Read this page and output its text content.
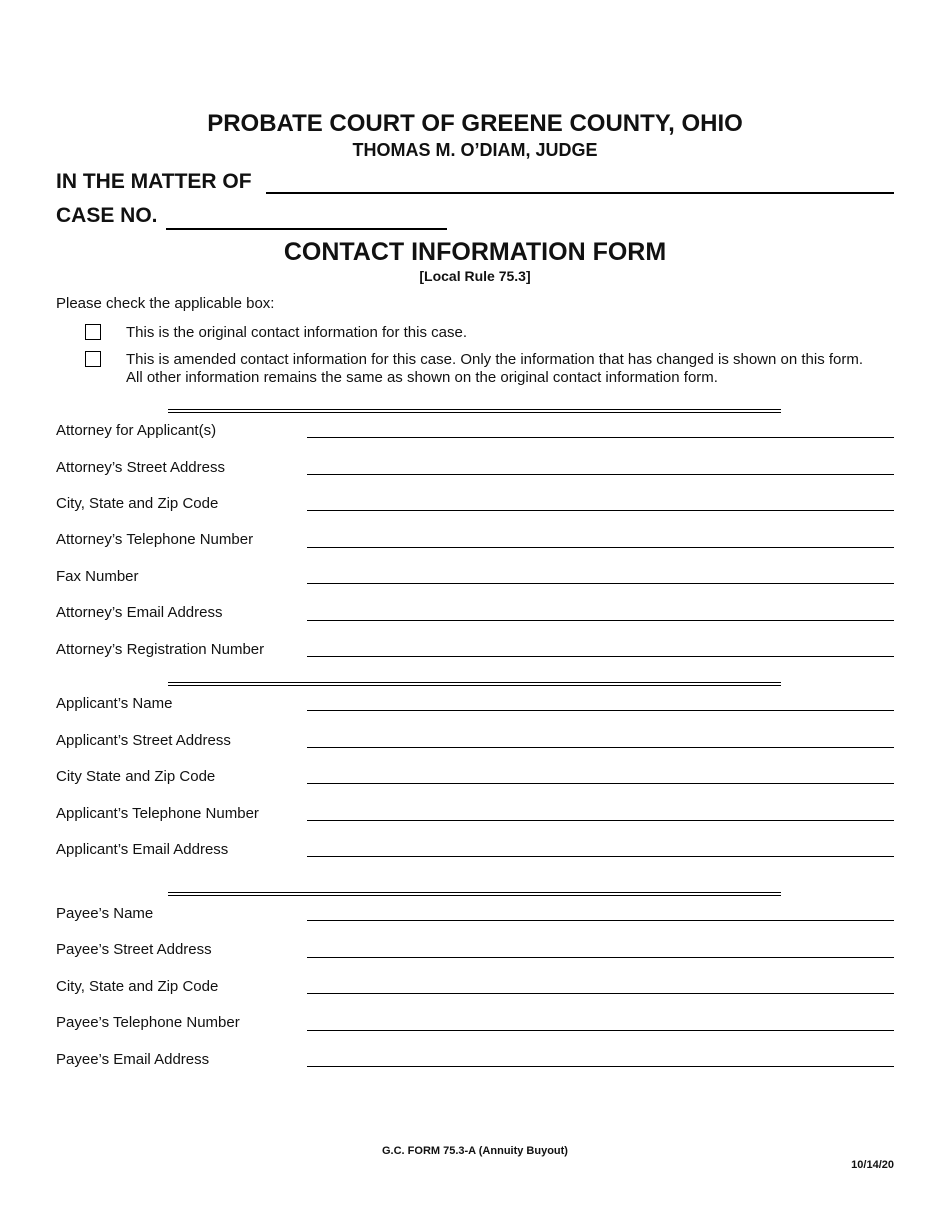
PROBATE COURT OF GREENE COUNTY, OHIO
THOMAS M. O’DIAM, JUDGE
IN THE MATTER OF
CASE NO.
CONTACT INFORMATION FORM
[Local Rule 75.3]
Please check the applicable box:
This is the original contact information for this case.
This is amended contact information for this case. Only the information that has changed is shown on this form.
All other information remains the same as shown on the original contact information form.
Attorney for Applicant(s)
Attorney’s Street Address
City, State and Zip Code
Attorney’s Telephone Number
Fax Number
Attorney’s Email Address
Attorney’s Registration Number
Applicant’s Name
Applicant’s Street Address
City State and Zip Code
Applicant’s Telephone Number
Applicant’s Email Address
Payee’s Name
Payee’s Street Address
City, State and Zip Code
Payee’s Telephone Number
Payee’s Email Address
G.C. FORM 75.3-A (Annuity Buyout)
10/14/20
